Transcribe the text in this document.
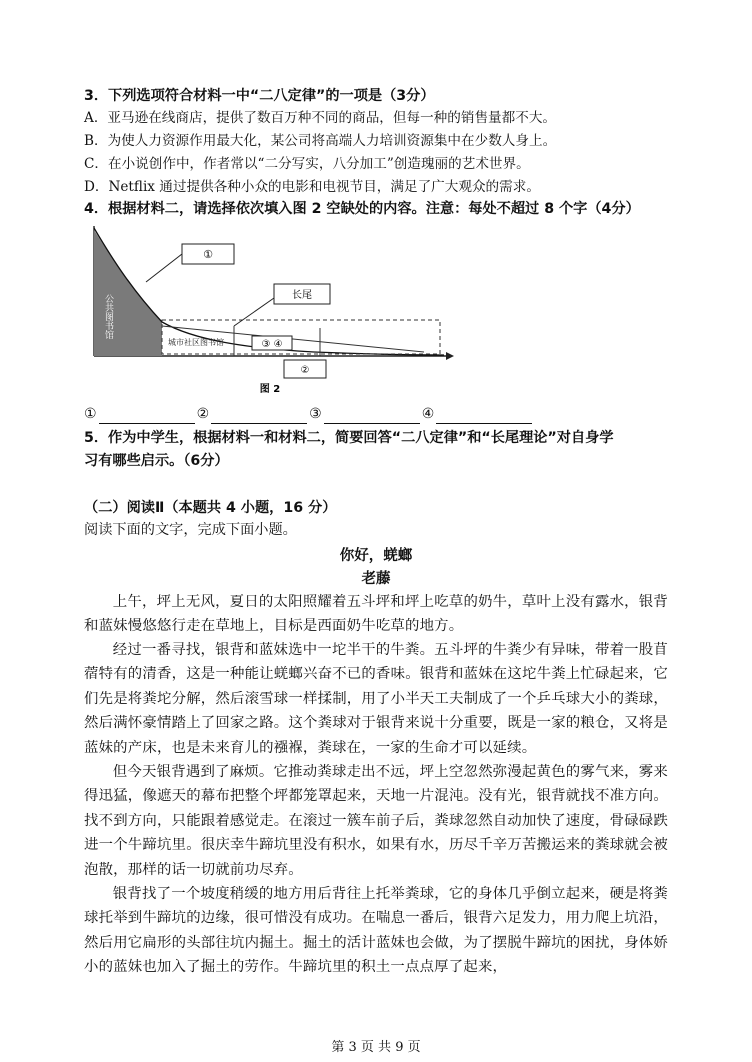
3．下列选项符合材料一中“二八定律”的一项是（3分）
A．亚马逊在线商店，提供了数百万种不同的商品，但每一种的销售量都不大。
B．为使人力资源作用最大化，某公司将高端人力培训资源集中在少数人身上。
C．在小说创作中，作者常以“二分写实，八分加工”创造瑰丽的艺术世界。
D．Netflix 通过提供各种小众的电影和电视节目，满足了广大观众的需求。
4．根据材料二，请选择依次填入图 2 空缺处的内容。注意：每处不超过 8 个字（4分）
公共图书馆
城市社区图书馆
①
③ ④
长尾
②
图 2
①	②	③	④
5．作为中学生，根据材料一和材料二，简要回答“二八定律”和“长尾理论”对自身学
习有哪些启示。（6分）
（二）阅读Ⅱ（本题共 4 小题，16 分）
阅读下面的文字，完成下面小题。
你好，蜣螂
老藤
上午，坪上无风，夏日的太阳照耀着五斗坪和坪上吃草的奶牛，草叶上没有露水，银背和蓝妹慢悠悠行走在草地上，目标是西面奶牛吃草的地方。
经过一番寻找，银背和蓝妹选中一坨半干的牛粪。五斗坪的牛粪少有异味，带着一股苜蓿特有的清香，这是一种能让蜣螂兴奋不已的香味。银背和蓝妹在这坨牛粪上忙碌起来，它们先是将粪坨分解，然后滚雪球一样揉制，用了小半天工夫制成了一个乒乓球大小的粪球，然后满怀豪情踏上了回家之路。这个粪球对于银背来说十分重要，既是一家的粮仓，又将是蓝妹的产床，也是未来育儿的襁褓，粪球在，一家的生命才可以延续。
但今天银背遇到了麻烦。它推动粪球走出不远，坪上空忽然弥漫起黄色的雾气来，雾来得迅猛，像遮天的幕布把整个坪都笼罩起来，天地一片混沌。没有光，银背就找不准方向。找不到方向，只能跟着感觉走。在滚过一簇车前子后，粪球忽然自动加快了速度，骨碌碌跌进一个牛蹄坑里。很庆幸牛蹄坑里没有积水，如果有水，历尽千辛万苦搬运来的粪球就会被泡散，那样的话一切就前功尽弃。
银背找了一个坡度稍缓的地方用后背往上托举粪球，它的身体几乎倒立起来，硬是将粪球托举到牛蹄坑的边缘，很可惜没有成功。在喘息一番后，银背六足发力，用力爬上坑沿，然后用它扁形的头部往坑内掘土。掘土的活计蓝妹也会做，为了摆脱牛蹄坑的困扰，身体娇小的蓝妹也加入了掘土的劳作。牛蹄坑里的积土一点点厚了起来，
第 3 页 共 9 页
